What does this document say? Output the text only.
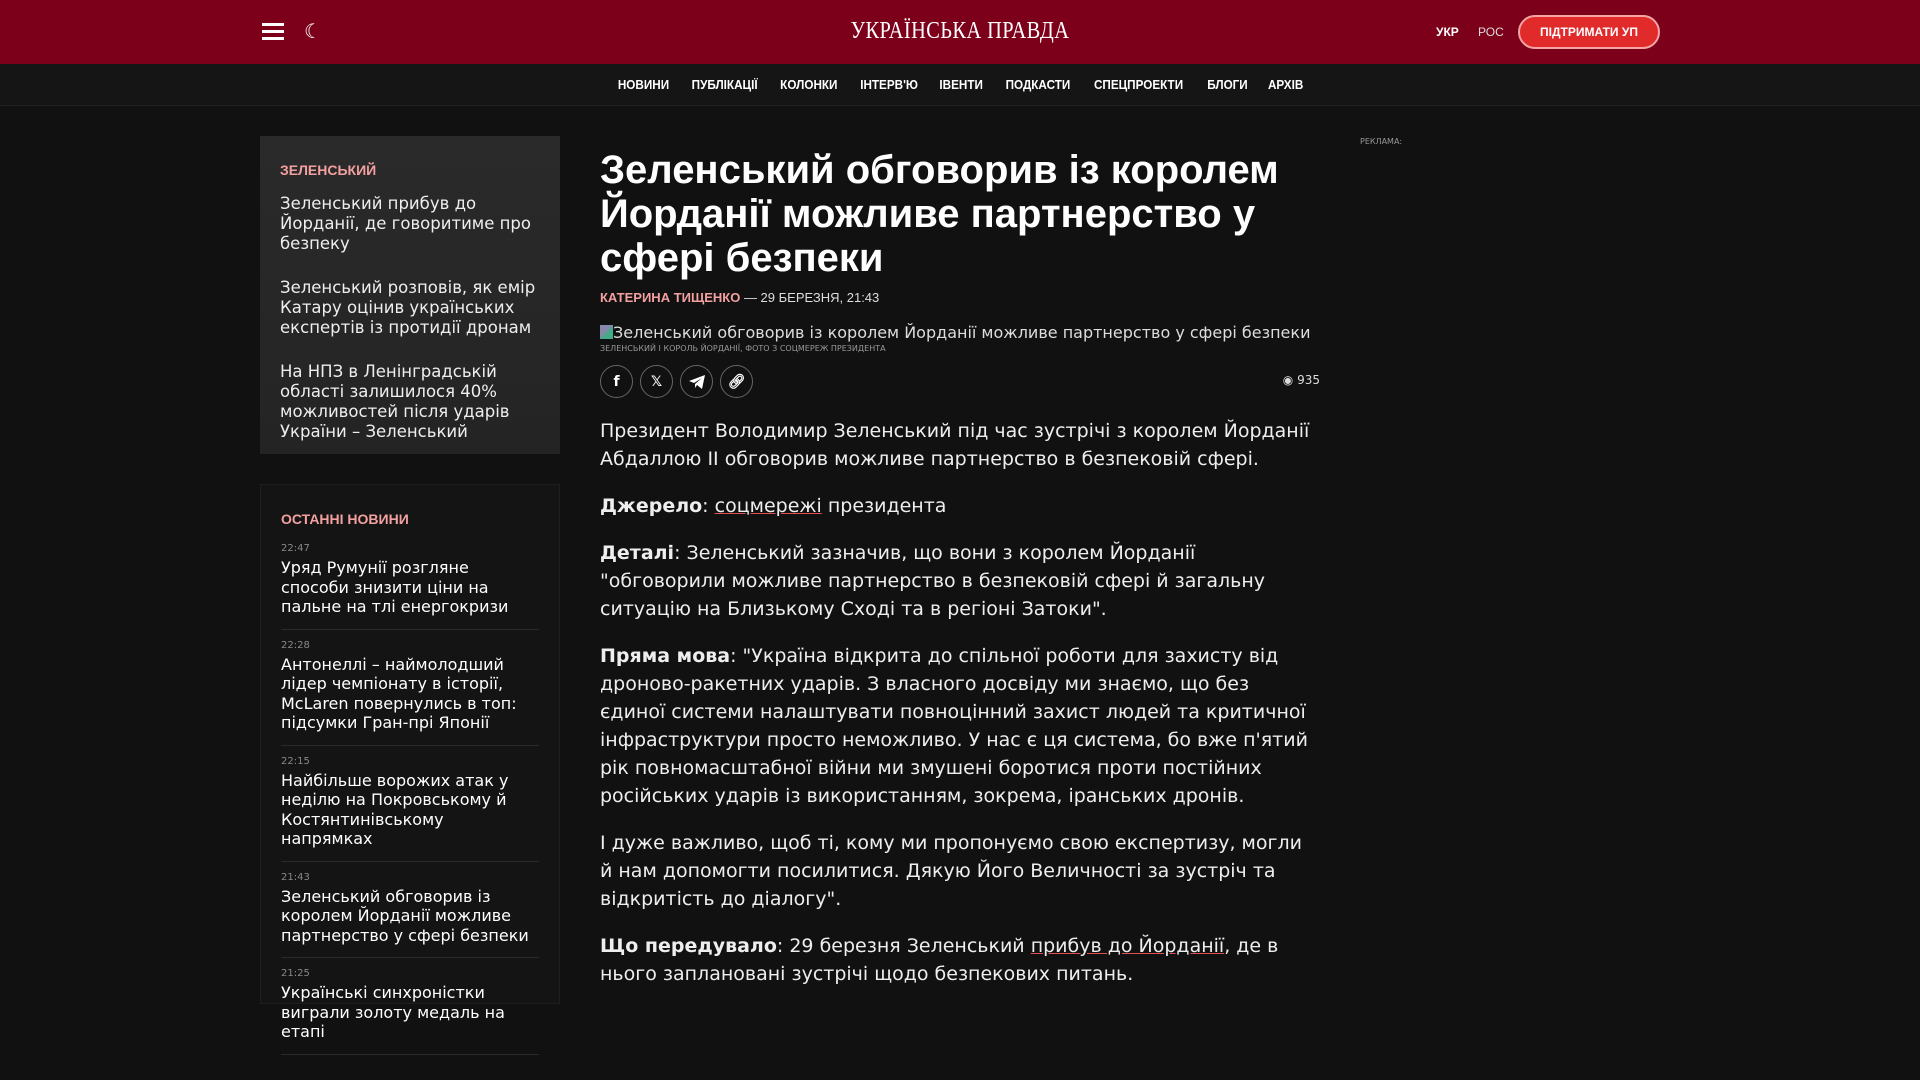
☾	УКРАЇНСЬКА ПРАВДА	УКР РОС	ПІДТРИМАТИ УП
НОВИНИ ПУБЛІКАЦІЇ КОЛОНКИ ІНТЕРВ'Ю ІВЕНТИ ПОДКАСТИ СПЕЦПРОЕКТИ БЛОГИ АРХІВ
ЗЕЛЕНСЬКИЙ
Зеленський прибув до Йорданії, де говоритиме про безпеку
Зеленський розповів, як емір Катару оцінив українських експертів із протидії дронам
На НПЗ в Ленінградській області залишилося 40% можливостей після ударів України – Зеленський
ОСТАННІ НОВИНИ
22:47
Уряд Румунії розгляне способи знизити ціни на пальне на тлі енергокризи
22:28
Антонеллі – наймолодший лідер чемпіонату в історії, McLaren повернулись в топ: підсумки Гран-прі Японії
22:15
Найбільше ворожих атак у неділю на Покровському й Костянтинівському напрямках
21:43
Зеленський обговорив із королем Йорданії можливе партнерство у сфері безпеки
21:25
Українські синхроністки виграли золоту медаль на етапі
Зеленський обговорив із королем Йорданії можливе партнерство у сфері безпеки
КАТЕРИНА ТИЩЕНКО — 29 БЕРЕЗНЯ, 21:43
Зеленський обговорив із королем Йорданії можливе партнерство у сфері безпеки
ЗЕЛЕНСЬКИЙ І КОРОЛЬ ЙОРДАНІЇ, ФОТО З СОЦМЕРЕЖ ПРЕЗИДЕНТА
f	𝕏	🔗︎	◉ 935

Президент Володимир Зеленський під час зустрічі з королем Йорданії Абдаллою II обговорив можливе партнерство в безпековій сфері.

Джерело: соцмережі президента

Деталі: Зеленський зазначив, що вони з королем Йорданії "обговорили можливе партнерство в безпековій сфері й загальну ситуацію на Близькому Сході та в регіоні Затоки".

Пряма мова: "Україна відкрита до спільної роботи для захисту від дроново-ракетних ударів. З власного досвіду ми знаємо, що без єдиної системи налаштувати повноцінний захист людей та критичної інфраструктури просто неможливо. У нас є ця система, бо вже п'ятий рік повномасштабної війни ми змушені боротися проти постійних російських ударів із використанням, зокрема, іранських дронів.

І дуже важливо, щоб ті, кому ми пропонуємо свою експертизу, могли й нам допомогти посилитися. Дякую Його Величності за зустріч та відкритість до діалогу".

Що передувало: 29 березня Зеленський прибув до Йорданії, де в нього заплановані зустрічі щодо безпекових питань.

РЕКЛАМА:
